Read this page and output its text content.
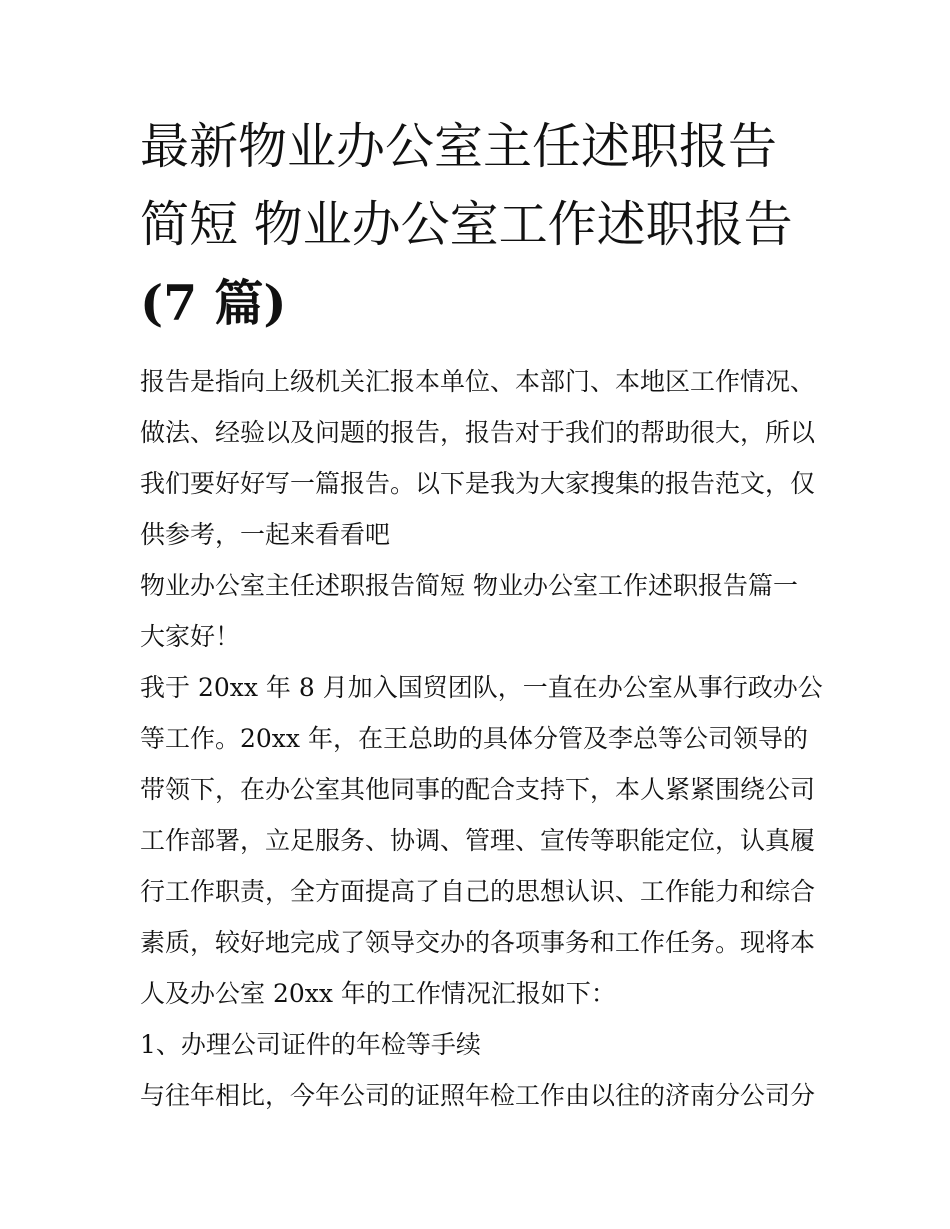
最新物业办公室主任述职报告
简短 物业办公室工作述职报告
(7 篇)
报告是指向上级机关汇报本单位、本部门、本地区工作情况、
做法、经验以及问题的报告，报告对于我们的帮助很大，所以
我们要好好写一篇报告。以下是我为大家搜集的报告范文，仅
供参考，一起来看看吧
物业办公室主任述职报告简短 物业办公室工作述职报告篇一
大家好！
我于 20xx 年 8 月加入国贸团队，一直在办公室从事行政办公
等工作。20xx 年，在王总助的具体分管及李总等公司领导的
带领下，在办公室其他同事的配合支持下，本人紧紧围绕公司
工作部署，立足服务、协调、管理、宣传等职能定位，认真履
行工作职责，全方面提高了自己的思想认识、工作能力和综合
素质，较好地完成了领导交办的各项事务和工作任务。现将本
人及办公室 20xx 年的工作情况汇报如下：
1、办理公司证件的年检等手续
与往年相比，今年公司的证照年检工作由以往的济南分公司分
